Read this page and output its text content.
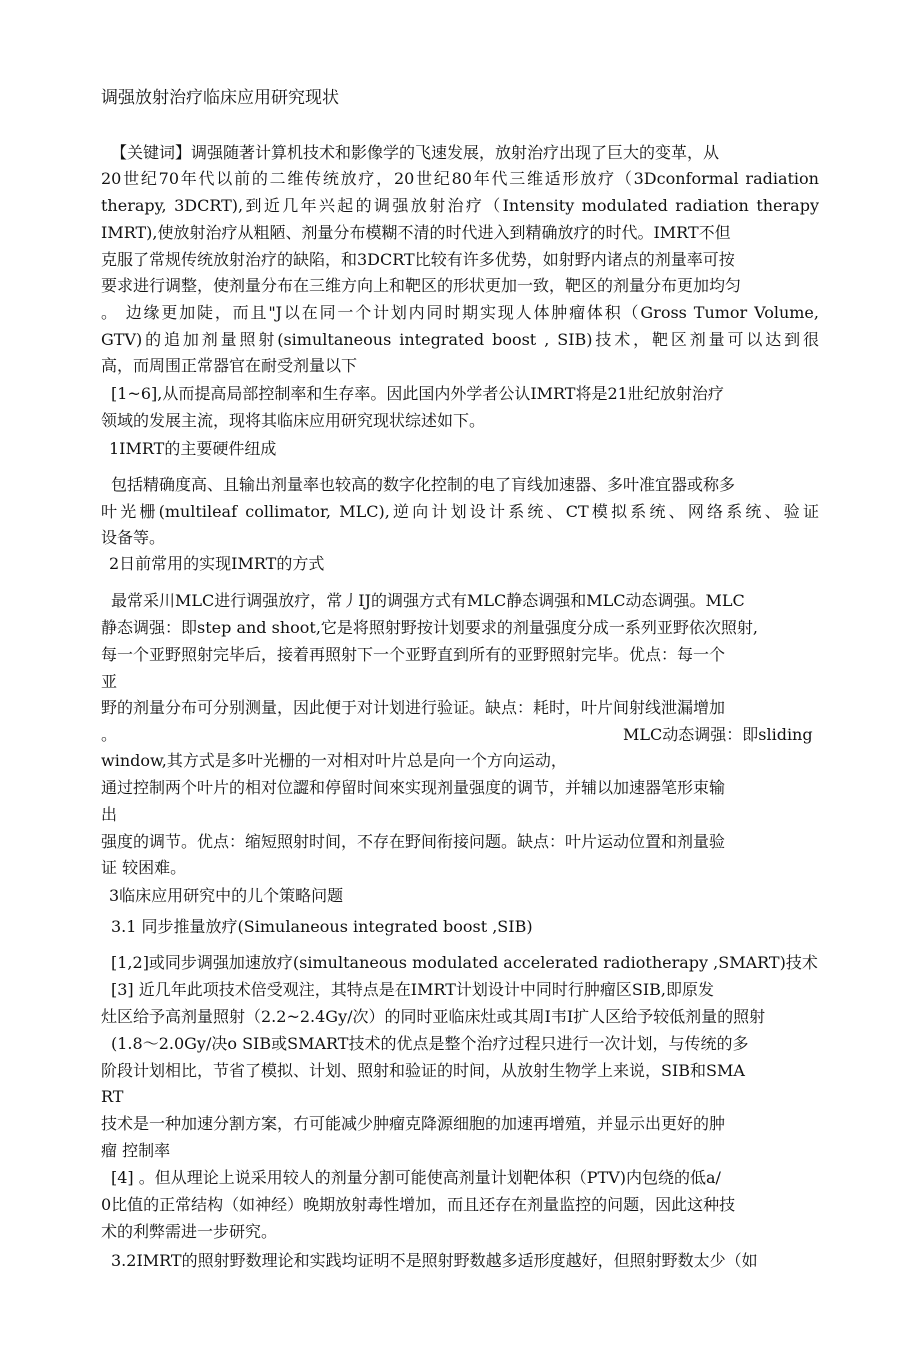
调强放射治疗临床应用研究现状

【关键词】调强随著计算机技术和影像学的飞速发展，放射治疗出现了巨大的变革，从

20世纪70年代以前的二维传统放疗，20世纪80年代三维适形放疗（3Dconformal radiation

therapy, 3DCRT),到近几年兴起的调强放射治疗（Intensity modulated radiation therapy

IMRT),使放射治疗从粗陋、剂量分布模糊不清的时代进入到精确放疗的时代。IMRT不但

克服了常规传统放射治疗的缺陷，和3DCRT比较有许多优势，如射野内诸点的剂量率可按

要求进行调整，使剂量分布在三维方向上和靶区的形状更加一致，靶区的剂量分布更加均匀

。 边缘更加陡，而且"J以在同一个计划内同时期实现人体肿瘤体积（Gross Tumor Volume,

GTV)的追加剂量照射(simultaneous integrated boost , SIB)技术，靶区剂量可以达到很

高，而周围正常器官在耐受剂量以下

[1~6],从而提高局部控制率和生存率。因此国内外学者公认IMRT将是21壯纪放射治疗

领域的发展主流，现将其临床应用研究现状综述如下。

1IMRT的主要硬件纽成

包括精确度高、且输出剂量率也较高的数字化控制的电了肓线加速器、多叶准宜器或称多

叶光栅(multileaf collimator, MLC),逆向计划设计系统、CT模拟系统、网络系统、验证

设备等。

2日前常用的实现IMRT的方式

最常采川MLC进行调强放疗，常丿IJ的调强方式有MLC静态调强和MLC动态调强。MLC

静态调强：即step and shoot,它是将照射野按计划要求的剂量强度分成一系列亚野依次照射,

每一个亚野照射完毕后，接着再照射下一个亚野直到所有的亚野照射完毕。优点：每一个

亚

野的剂量分布可分别测量，因此便于对计划进行验证。缺点：耗时，叶片间射线泄漏增加

。	MLC动态调强：即sliding

window,其方式是多叶光栅的一对相对叶片总是向一个方向运动，

通过控制两个叶片的相对位譅和停留时间來实现剂量强度的调节，并辅以加速器笔形束输

出

强度的调节。优点：缩短照射时间，不存在野间衔接问题。缺点：叶片运动位置和剂量验

证 较困难。

3临床应用研究中的儿个策略问题

3.1 同步推量放疗(Simulaneous integrated boost ,SIB)

[1,2]或同步调强加速放疗(simultaneous modulated accelerated radiotherapy ,SMART)技术

[3] 近几年此项技术倍受观注，其特点是在IMRT计划设计中同时行肿瘤区SIB,即原发

灶区给予高剂量照射（2.2~2.4Gy/次）的同时亚临床灶或其周I韦I扩人区给予较低剂量的照射

(1.8～2.0Gy/决o SIB或SMART技术的优点是整个治疗过程只进行一次计划，与传统的多

阶段计划相比，节省了模拟、计划、照射和验证的时间，从放射生物学上来说，SIB和SMA

RT

技术是一种加速分割方案，冇可能减少肿瘤克降源细胞的加速再增殖，并显示出更好的肿

瘤 控制率

[4] 。但从理论上说采用较人的剂量分割可能使高剂量计划靶体积（PTV)内包绕的低a/

0比值的正常结构（如神经）晚期放射毒性增加，而且还存在剂量监控的问题，因此这种技

术的利弊需进一步研究。

3.2IMRT的照射野数理论和实践均证明不是照射野数越多适形度越好，但照射野数太少（如
